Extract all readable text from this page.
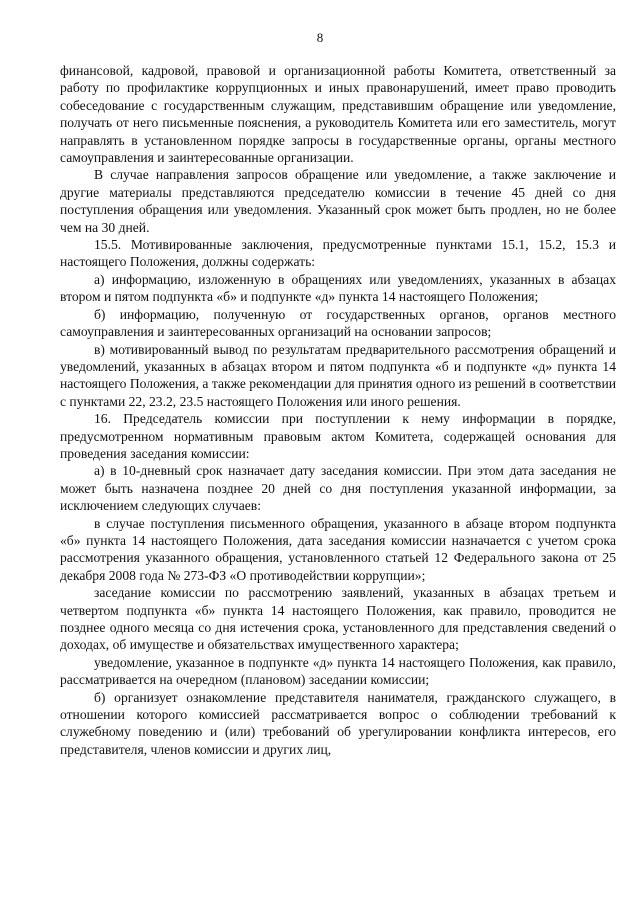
8

финансовой, кадровой, правовой и организационной работы Комитета, ответственный за работу по профилактике коррупционных и иных правонарушений, имеет право проводить собеседование с государственным служащим, представившим обращение или уведомление, получать от него письменные пояснения, а руководитель Комитета или его заместитель, могут направлять в установленном порядке запросы в государственные органы, органы местного самоуправления и заинтересованные организации.

В случае направления запросов обращение или уведомление, а также заключение и другие материалы представляются председателю комиссии в течение 45 дней со дня поступления обращения или уведомления. Указанный срок может быть продлен, но не более чем на 30 дней.

15.5. Мотивированные заключения, предусмотренные пунктами 15.1, 15.2, 15.3 и настоящего Положения, должны содержать:

а) информацию, изложенную в обращениях или уведомлениях, указанных в абзацах втором и пятом подпункта «б» и подпункте «д» пункта 14 настоящего Положения;

б) информацию, полученную от государственных органов, органов местного самоуправления и заинтересованных организаций на основании запросов;

в) мотивированный вывод по результатам предварительного рассмотрения обращений и уведомлений, указанных в абзацах втором и пятом подпункта «б и подпункте «д» пункта 14 настоящего Положения, а также рекомендации для принятия одного из решений в соответствии с пунктами 22, 23.2, 23.5 настоящего Положения или иного решения.

16. Председатель комиссии при поступлении к нему информации в порядке, предусмотренном нормативным правовым актом Комитета, содержащей основания для проведения заседания комиссии:

а) в 10-дневный срок назначает дату заседания комиссии. При этом дата заседания не может быть назначена позднее 20 дней со дня поступления указанной информации, за исключением следующих случаев:

в случае поступления письменного обращения, указанного в абзаце втором подпункта «б» пункта 14 настоящего Положения, дата заседания комиссии назначается с учетом срока рассмотрения указанного обращения, установленного статьей 12 Федерального закона от 25 декабря 2008 года № 273-ФЗ «О противодействии коррупции»;

заседание комиссии по рассмотрению заявлений, указанных в абзацах третьем и четвертом подпункта «б» пункта 14 настоящего Положения, как правило, проводится не позднее одного месяца со дня истечения срока, установленного для представления сведений о доходах, об имуществе и обязательствах имущественного характера;

уведомление, указанное в подпункте «д» пункта 14 настоящего Положения, как правило, рассматривается на очередном (плановом) заседании комиссии;

б) организует ознакомление представителя нанимателя, гражданского служащего, в отношении которого комиссией рассматривается вопрос о соблюдении требований к служебному поведению и (или) требований об урегулировании конфликта интересов, его представителя, членов комиссии и других лиц,
